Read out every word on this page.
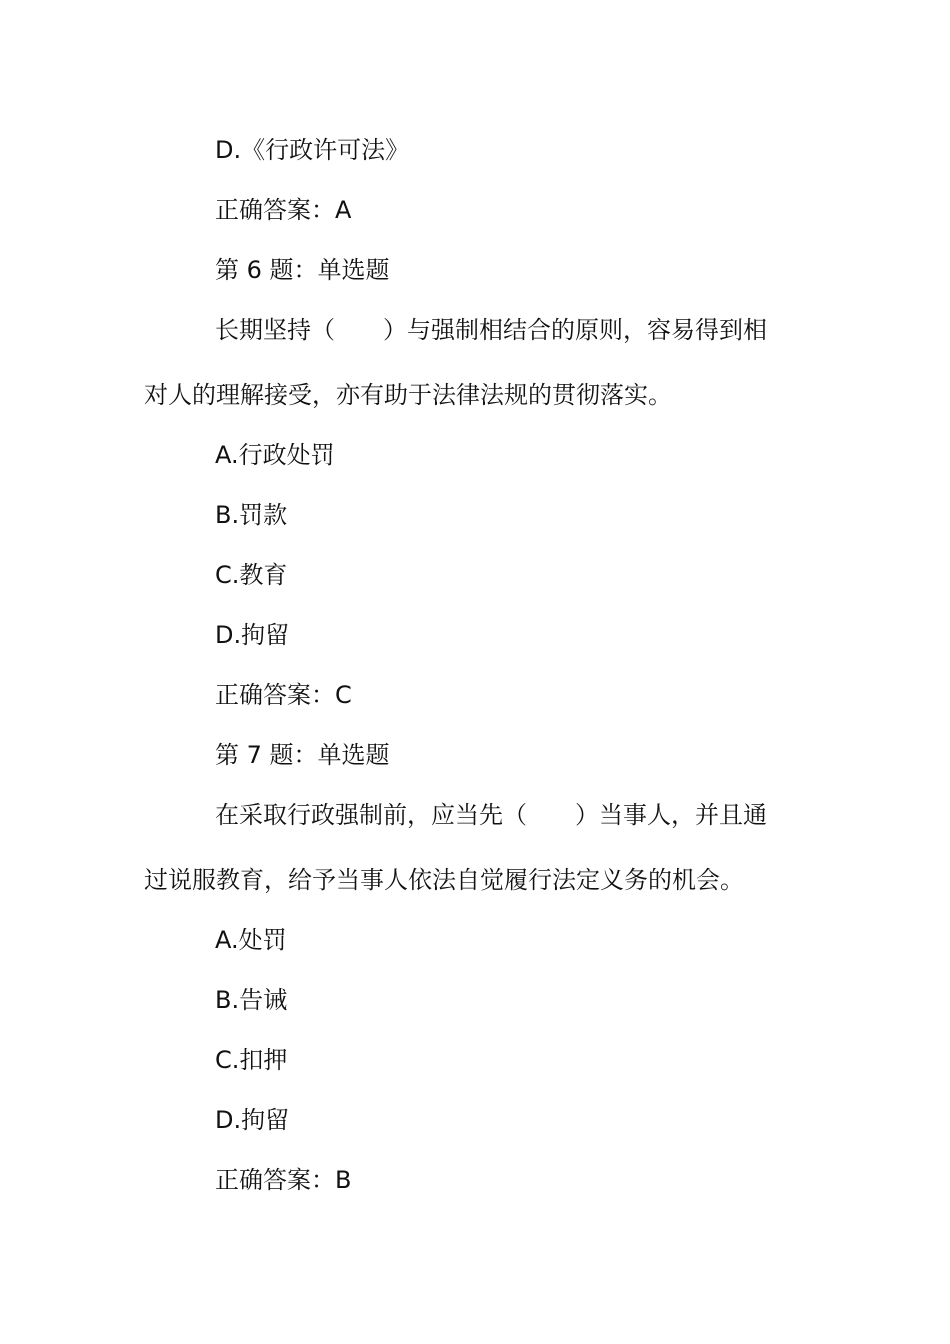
D.《行政许可法》
正确答案：A
第 6 题：单选题
长期坚持（　　）与强制相结合的原则，容易得到相
对人的理解接受，亦有助于法律法规的贯彻落实。
A.行政处罚
B.罚款
C.教育
D.拘留
正确答案：C
第 7 题：单选题
在采取行政强制前，应当先（　　）当事人，并且通
过说服教育，给予当事人依法自觉履行法定义务的机会。
A.处罚
B.告诫
C.扣押
D.拘留
正确答案：B
